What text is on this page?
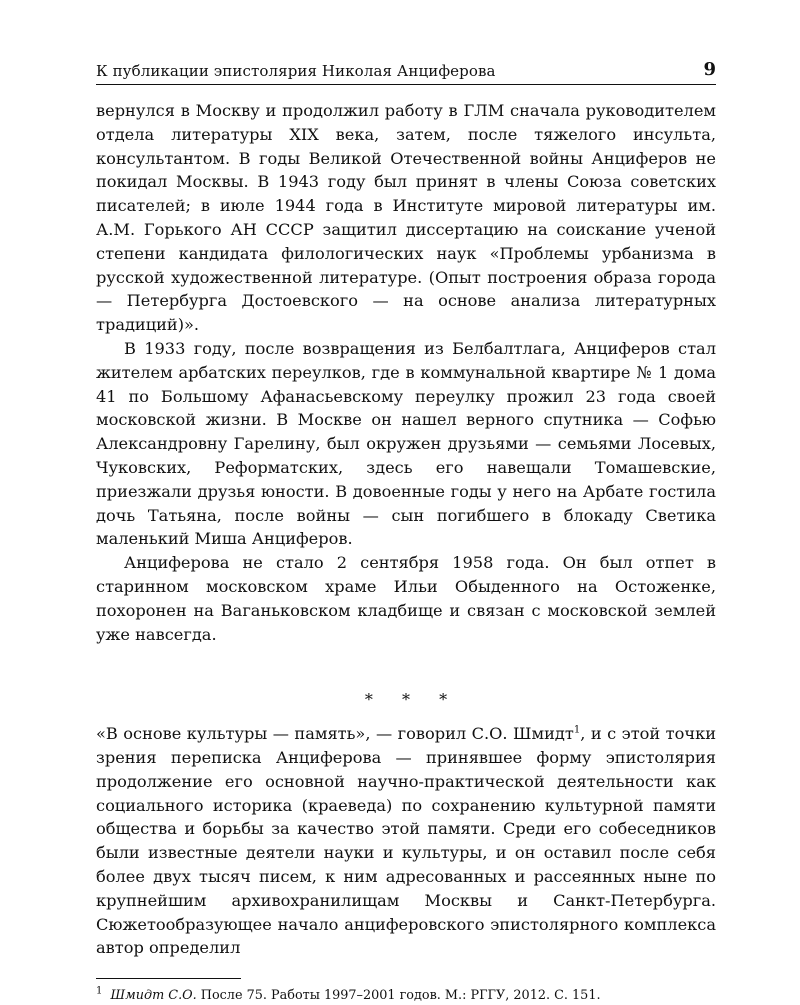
К публикации эпистолярия Николая Анциферова	9

вернулся в Москву и продолжил работу в ГЛМ сначала руководителем отдела литературы XIX века, затем, после тяжелого инсульта, консультантом. В годы Великой Отечественной войны Анциферов не покидал Москвы. В 1943 году был принят в члены Союза советских писателей; в июле 1944 года в Институте мировой литературы им. А.М. Горького АН СССР защитил диссертацию на соискание ученой степени кандидата филологических наук «Проблемы урбанизма в русской художественной литературе. (Опыт построения образа города — Петербурга Достоевского — на основе анализа литературных традиций)».

В 1933 году, после возвращения из Белбалтлага, Анциферов стал жителем арбатских переулков, где в коммунальной квартире № 1 дома 41 по Большому Афанасьевскому переулку прожил 23 года своей московской жизни. В Москве он нашел верного спутника — Софью Александровну Гарелину, был окружен друзьями — семьями Лосевых, Чуковских, Реформатских, здесь его навещали Томашевские, приезжали друзья юности. В довоенные годы у него на Арбате гостила дочь Татьяна, после войны — сын погибшего в блокаду Светика маленький Миша Анциферов.

Анциферова не стало 2 сентября 1958 года. Он был отпет в старинном московском храме Ильи Обыденного на Остоженке, похоронен на Ваганьковском кладбище и связан с московской землей уже навсегда.

* * *

«В основе культуры — память», — говорил С.О. Шмидт$^1$, и с этой точки зрения переписка Анциферова — принявшее форму эпистолярия продолжение его основной научно-практической деятельности как социального историка (краеведа) по сохранению культурной памяти общества и борьбы за качество этой памяти. Среди его собеседников были известные деятели науки и культуры, и он оставил после себя более двух тысяч писем, к ним адресованных и рассеянных ныне по крупнейшим архивохранилищам Москвы и Санкт-Петербурга. Сюжетообразующее начало анциферовского эпистолярного комплекса автор определил

$^1$ Шмидт С.О. После 75. Работы 1997–2001 годов. М.: РГГУ, 2012. С. 151.
